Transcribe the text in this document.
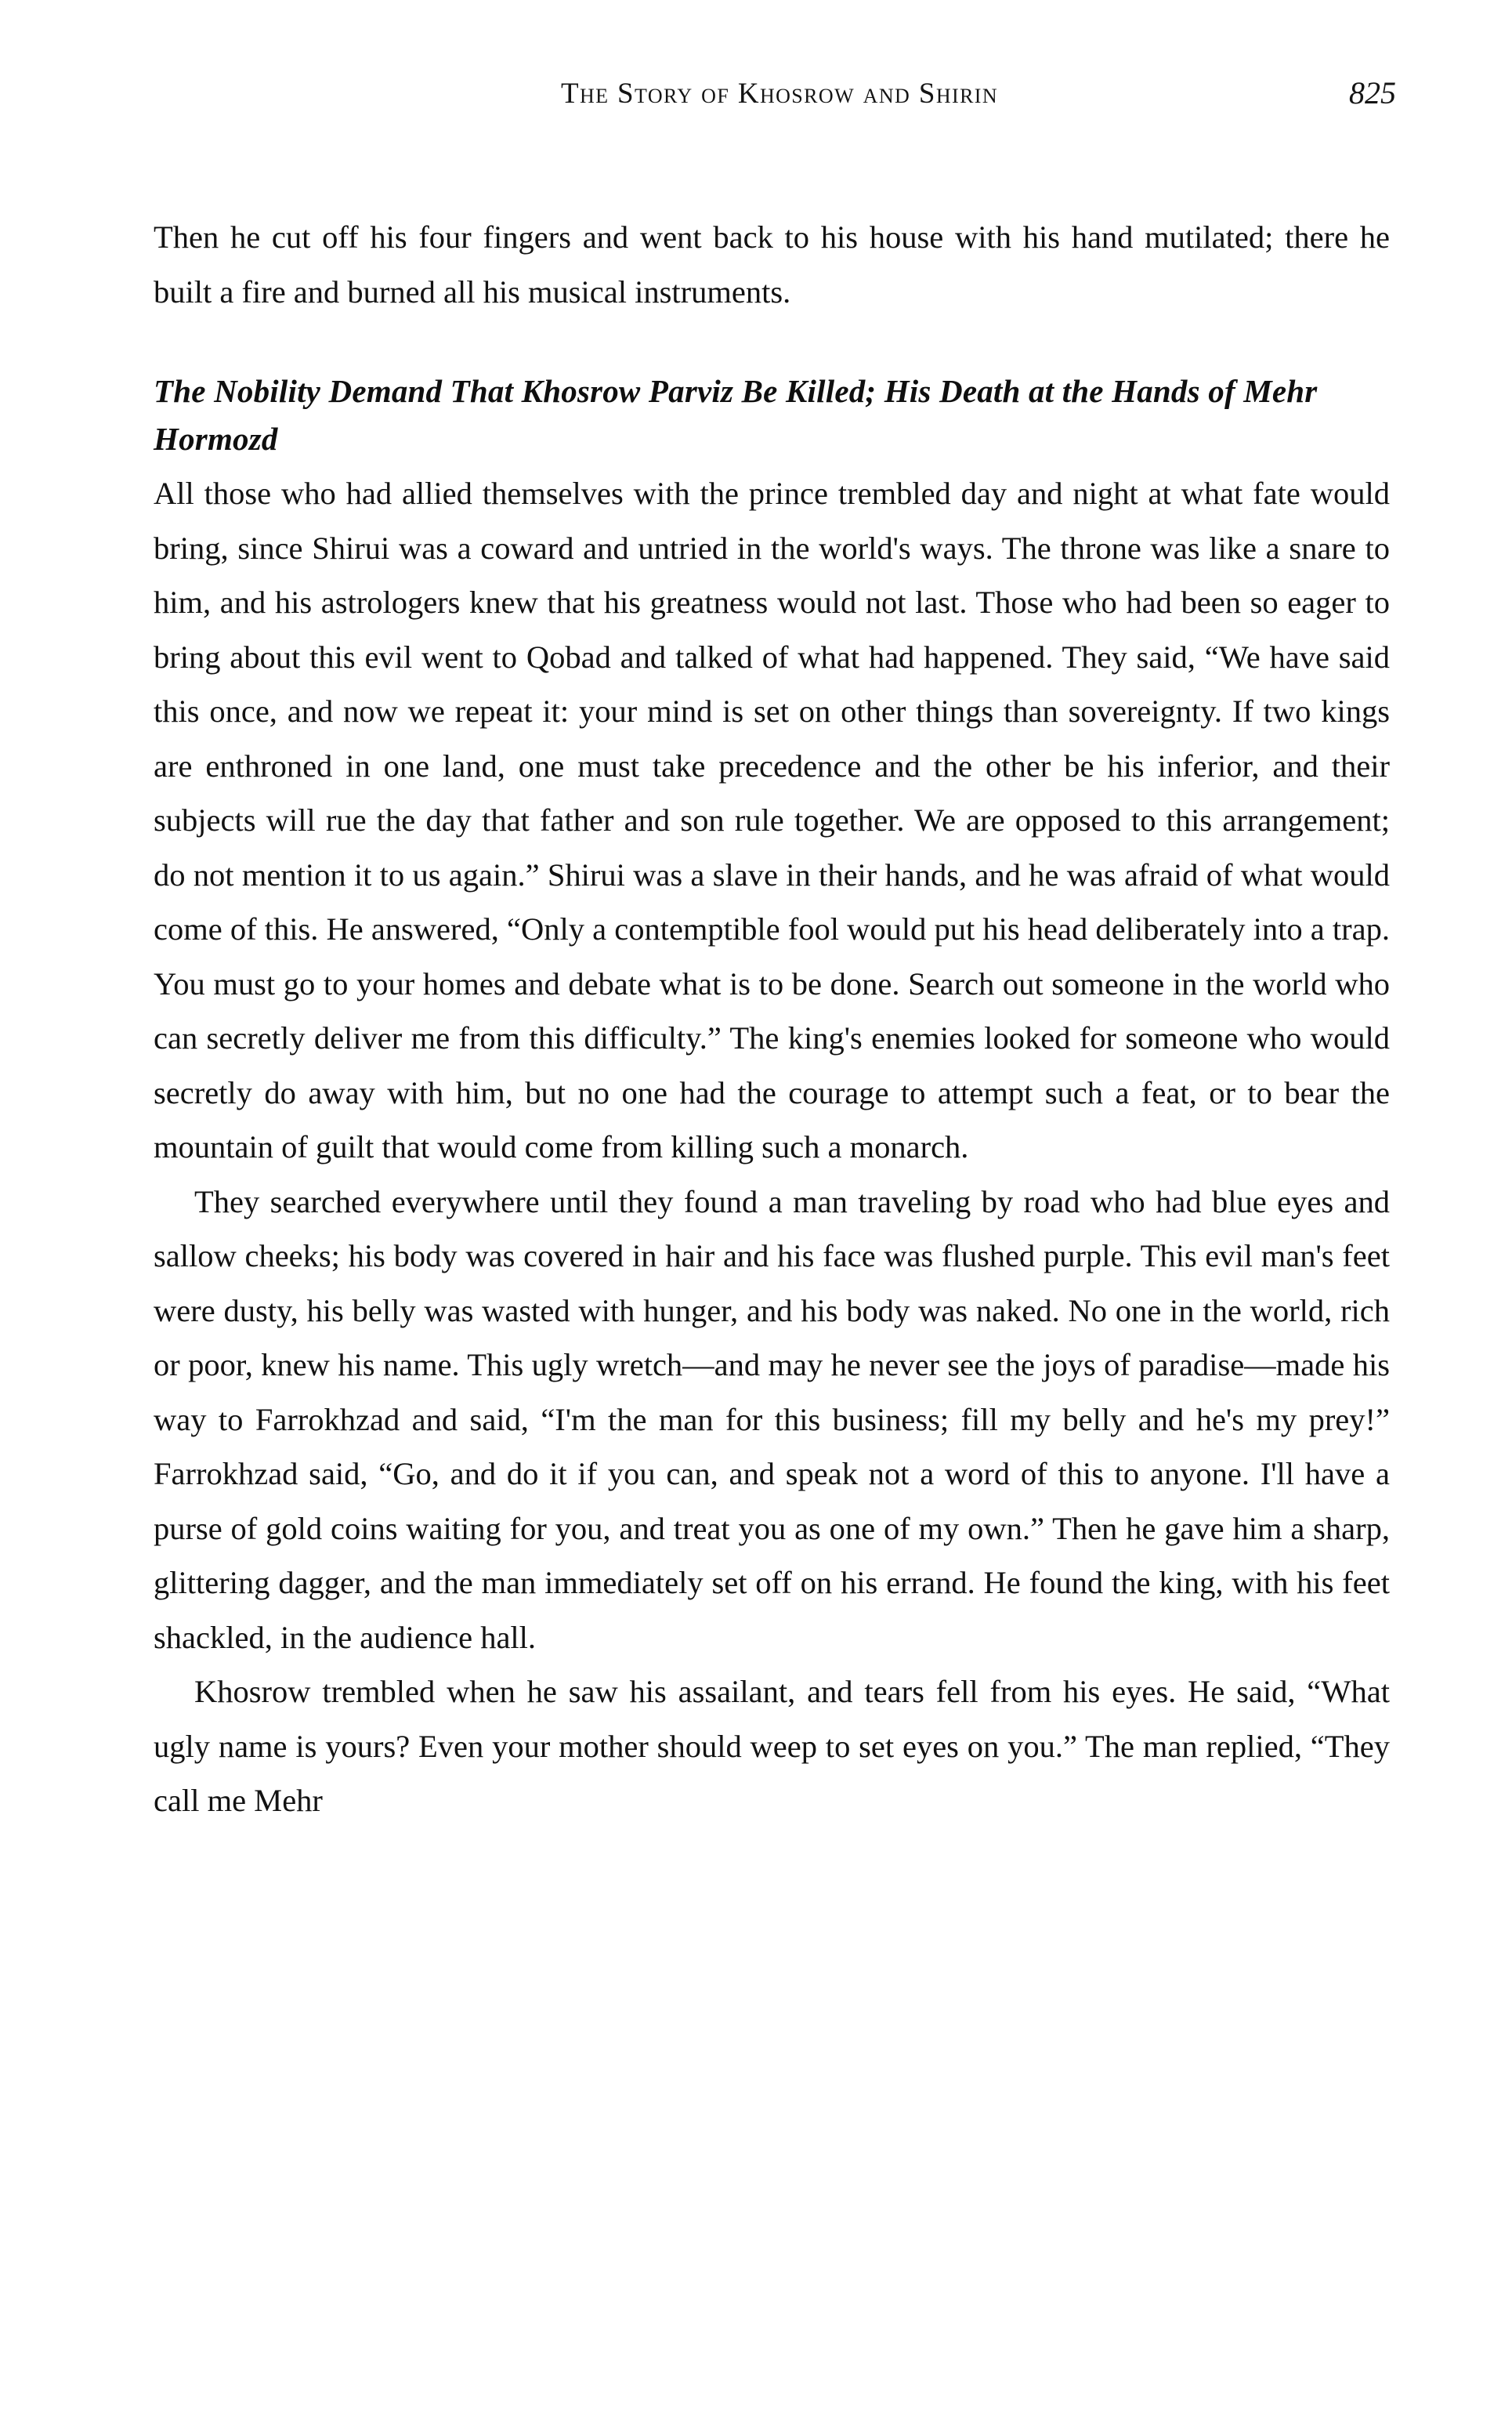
The Story of Khosrow and Shirin	825

Then he cut off his four fingers and went back to his house with his hand mutilated; there he built a fire and burned all his musical instruments.

The Nobility Demand That Khosrow Parviz Be Killed; His Death at the Hands of Mehr Hormozd

All those who had allied themselves with the prince trembled day and night at what fate would bring, since Shirui was a coward and untried in the world's ways. The throne was like a snare to him, and his astrologers knew that his greatness would not last. Those who had been so eager to bring about this evil went to Qobad and talked of what had happened. They said, “We have said this once, and now we repeat it: your mind is set on other things than sovereignty. If two kings are enthroned in one land, one must take precedence and the other be his inferior, and their subjects will rue the day that father and son rule together. We are opposed to this arrangement; do not mention it to us again.” Shirui was a slave in their hands, and he was afraid of what would come of this. He answered, “Only a contemptible fool would put his head deliberately into a trap. You must go to your homes and debate what is to be done. Search out someone in the world who can secretly deliver me from this difficulty.” The king's enemies looked for someone who would secretly do away with him, but no one had the courage to attempt such a feat, or to bear the mountain of guilt that would come from killing such a monarch.

They searched everywhere until they found a man traveling by road who had blue eyes and sallow cheeks; his body was covered in hair and his face was flushed purple. This evil man's feet were dusty, his belly was wasted with hunger, and his body was naked. No one in the world, rich or poor, knew his name. This ugly wretch—and may he never see the joys of paradise—made his way to Farrokhzad and said, “I'm the man for this business; fill my belly and he's my prey!” Farrokhzad said, “Go, and do it if you can, and speak not a word of this to anyone. I'll have a purse of gold coins waiting for you, and treat you as one of my own.” Then he gave him a sharp, glittering dagger, and the man immediately set off on his errand. He found the king, with his feet shackled, in the audience hall.

Khosrow trembled when he saw his assailant, and tears fell from his eyes. He said, “What ugly name is yours? Even your mother should weep to set eyes on you.” The man replied, “They call me Mehr
